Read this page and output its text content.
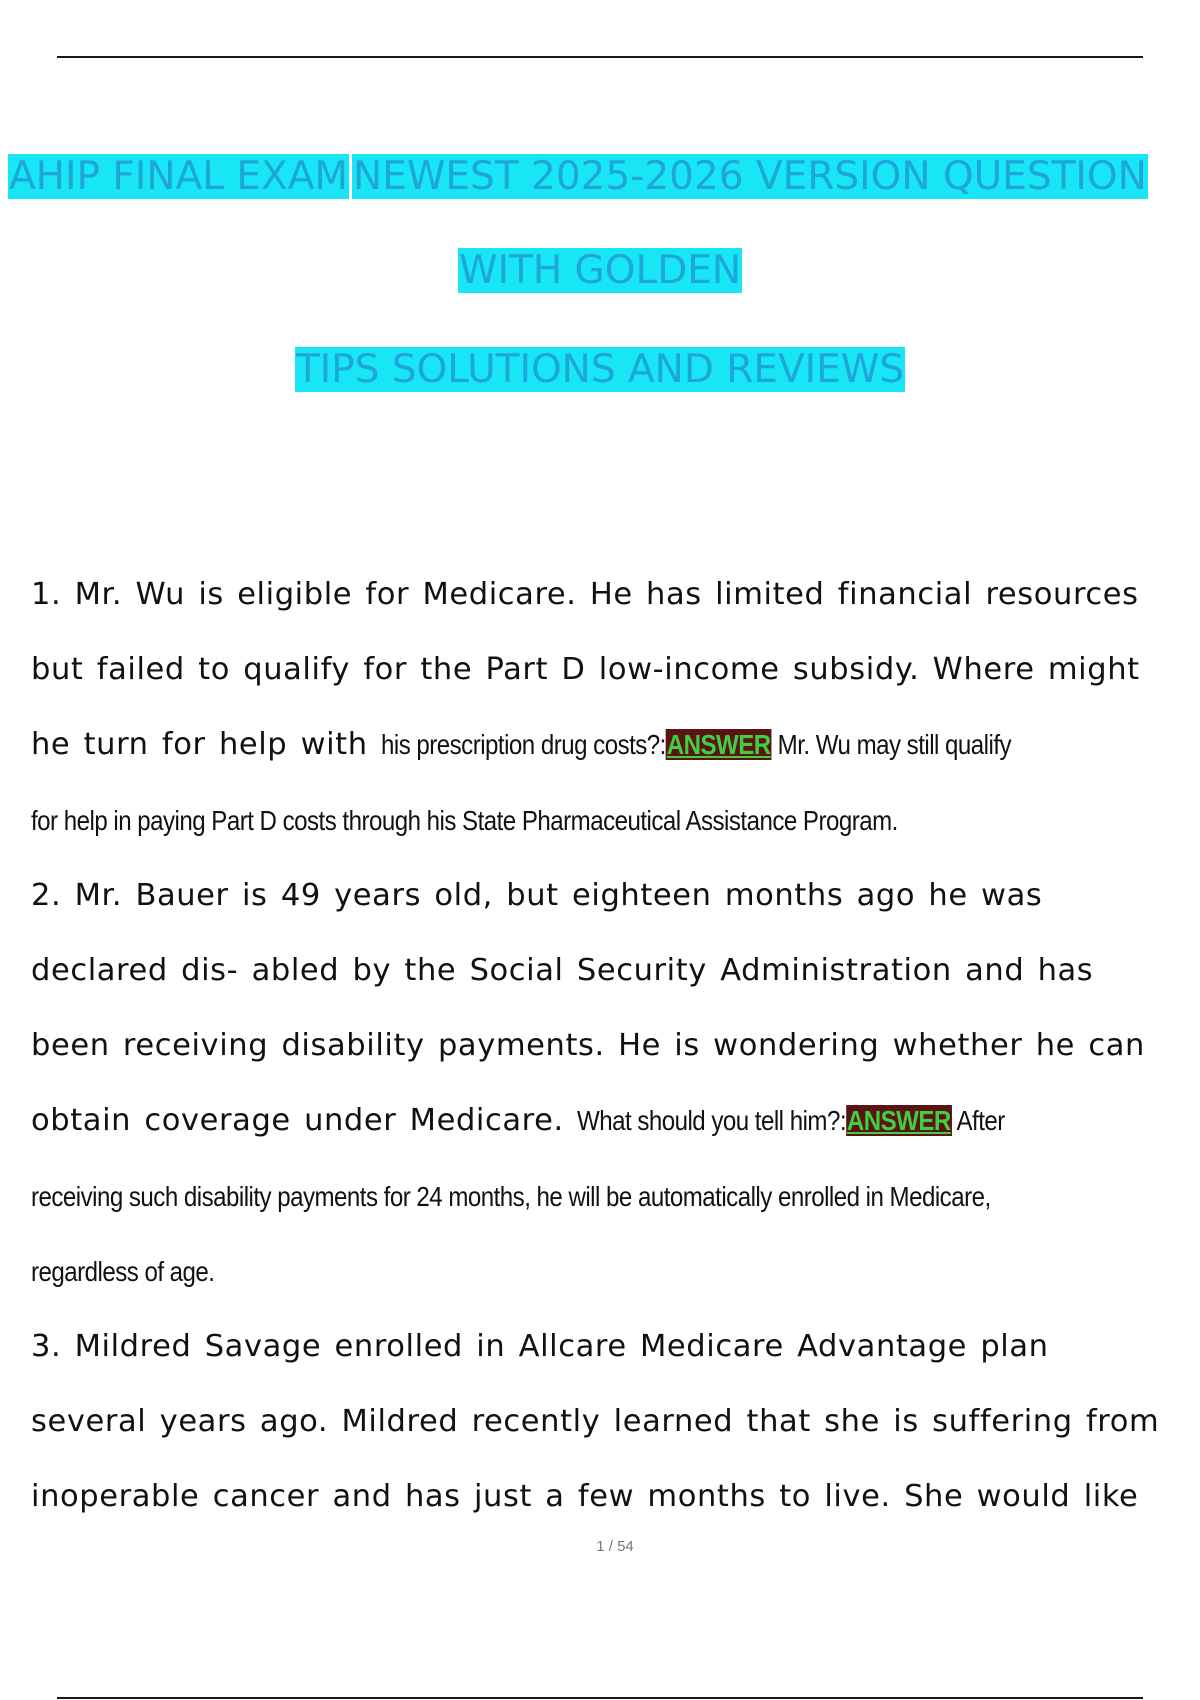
AHIP FINAL EXAM NEWEST 2025-2026 VERSION QUESTION
WITH GOLDEN
TIPS SOLUTIONS AND REVIEWS
1. Mr. Wu is eligible for Medicare. He has limited financial resources
but failed to qualify for the Part D low-income subsidy. Where might
he turn for help with his prescription drug costs?:ANSWER Mr. Wu may still qualify
for help in paying Part D costs through his State Pharmaceutical Assistance Program.
2. Mr. Bauer is 49 years old, but eighteen months ago he was
declared dis- abled by the Social Security Administration and has
been receiving disability payments. He is wondering whether he can
obtain coverage under Medicare. What should you tell him?:ANSWER After
receiving such disability payments for 24 months, he will be automatically enrolled in Medicare,
regardless of age.
3. Mildred Savage enrolled in Allcare Medicare Advantage plan
several years ago. Mildred recently learned that she is suffering from
inoperable cancer and has just a few months to live. She would like
1 / 54
